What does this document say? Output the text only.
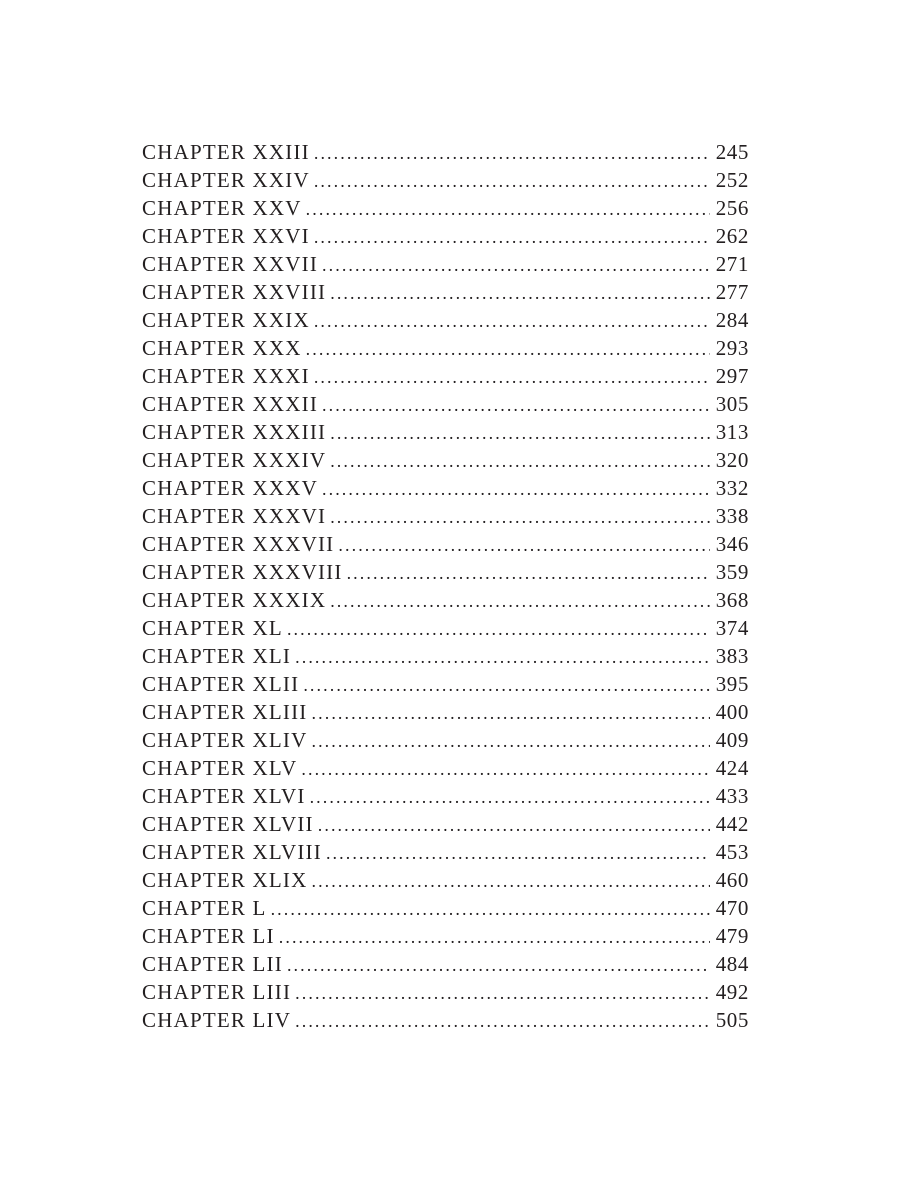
CHAPTER XXIII . . .	245
CHAPTER XXIV . . .	252
CHAPTER XXV . . .	256
CHAPTER XXVI . . .	262
CHAPTER XXVII . . .	271
CHAPTER XXVIII . . .	277
CHAPTER XXIX . . .	284
CHAPTER XXX . . .	293
CHAPTER XXXI . . .	297
CHAPTER XXXII . . .	305
CHAPTER XXXIII . . .	313
CHAPTER XXXIV . . .	320
CHAPTER XXXV . . .	332
CHAPTER XXXVI . . .	338
CHAPTER XXXVII . . .	346
CHAPTER XXXVIII . . .	359
CHAPTER XXXIX . . .	368
CHAPTER XL . . .	374
CHAPTER XLI . . .	383
CHAPTER XLII . . .	395
CHAPTER XLIII . . .	400
CHAPTER XLIV . . .	409
CHAPTER XLV . . .	424
CHAPTER XLVI . . .	433
CHAPTER XLVII . . .	442
CHAPTER XLVIII . . .	453
CHAPTER XLIX . . .	460
CHAPTER L . . .	470
CHAPTER LI . . .	479
CHAPTER LII . . .	484
CHAPTER LIII . . .	492
CHAPTER LIV . . .	505
